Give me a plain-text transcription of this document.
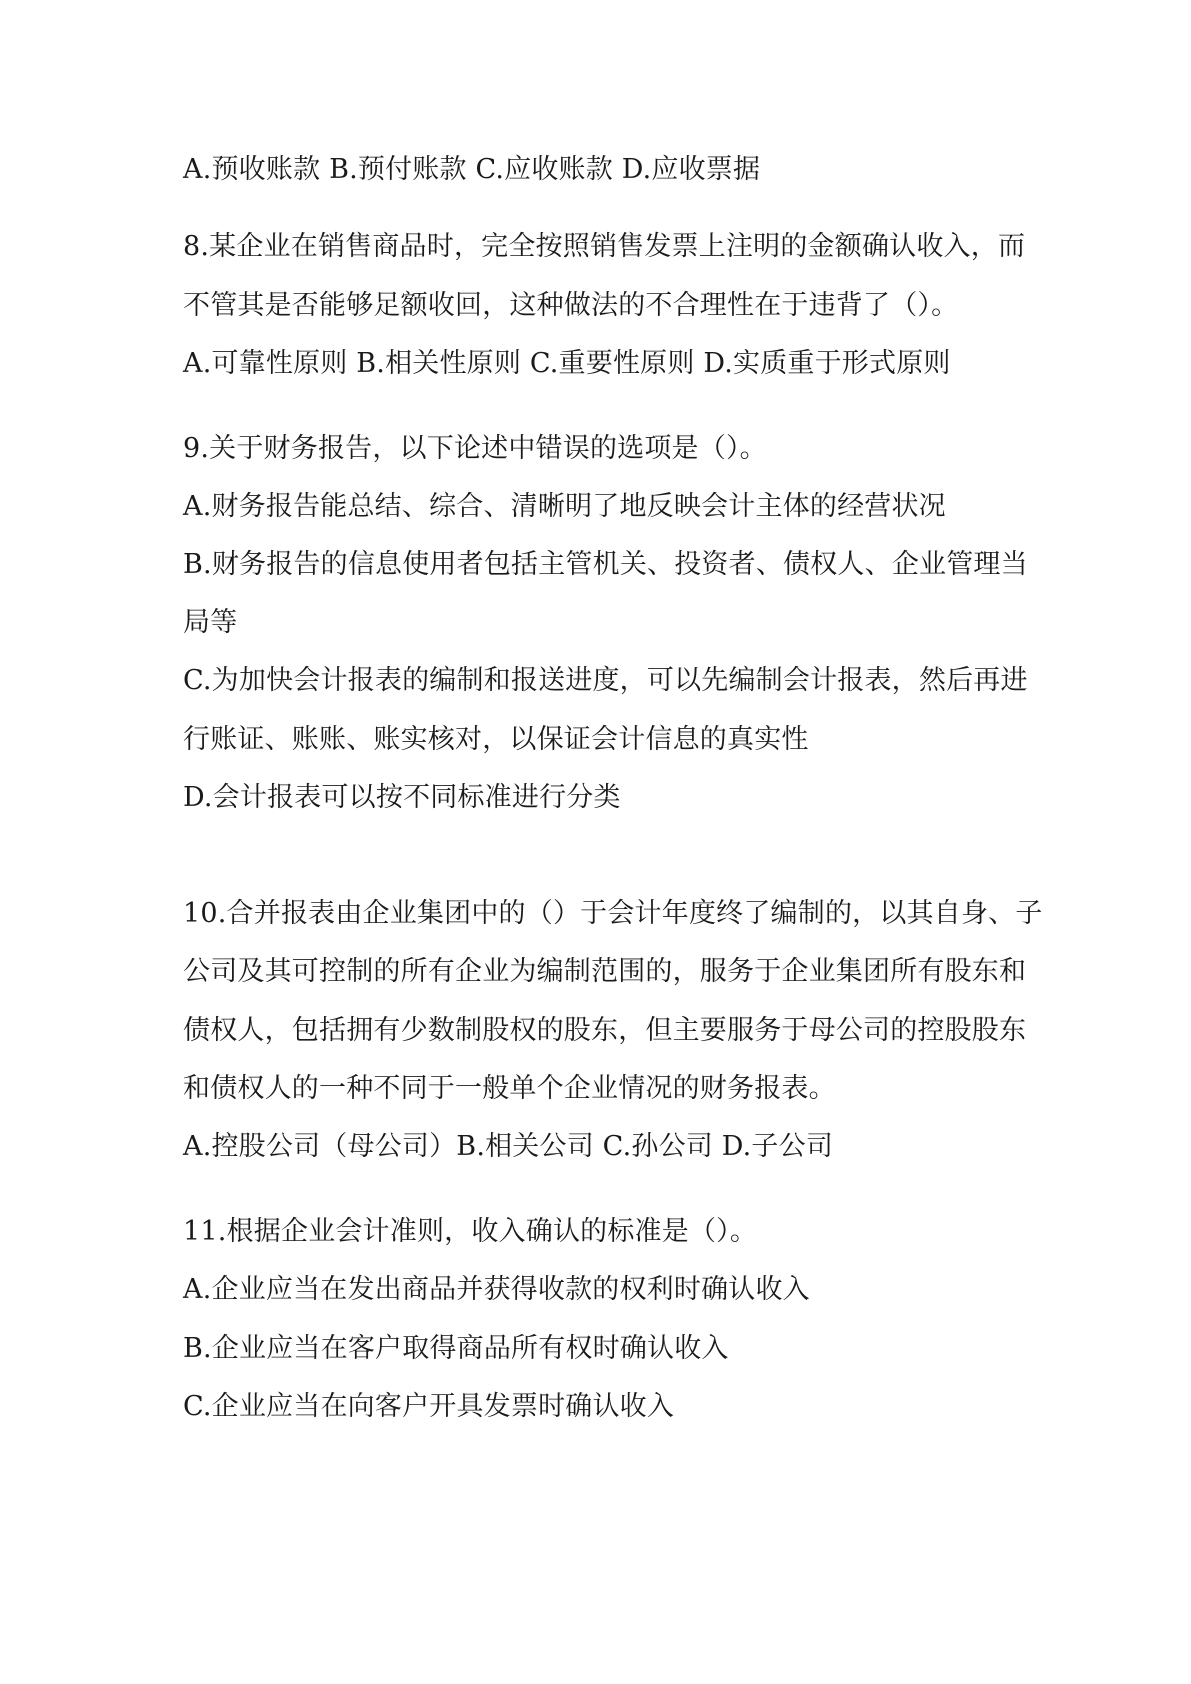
A.预收账款 B.预付账款 C.应收账款 D.应收票据
8.某企业在销售商品时，完全按照销售发票上注明的金额确认收入，而
不管其是否能够足额收回，这种做法的不合理性在于违背了（）。
A.可靠性原则 B.相关性原则 C.重要性原则 D.实质重于形式原则
9.关于财务报告，以下论述中错误的选项是（）。
A.财务报告能总结、综合、清晰明了地反映会计主体的经营状况
B.财务报告的信息使用者包括主管机关、投资者、债权人、企业管理当
局等
C.为加快会计报表的编制和报送进度，可以先编制会计报表，然后再进
行账证、账账、账实核对，以保证会计信息的真实性
D.会计报表可以按不同标准进行分类
10.合并报表由企业集团中的（）于会计年度终了编制的，以其自身、子
公司及其可控制的所有企业为编制范围的，服务于企业集团所有股东和
债权人，包括拥有少数制股权的股东，但主要服务于母公司的控股股东
和债权人的一种不同于一般单个企业情况的财务报表。
A.控股公司（母公司）B.相关公司 C.孙公司 D.子公司
11.根据企业会计准则，收入确认的标准是（）。
A.企业应当在发出商品并获得收款的权利时确认收入
B.企业应当在客户取得商品所有权时确认收入
C.企业应当在向客户开具发票时确认收入
